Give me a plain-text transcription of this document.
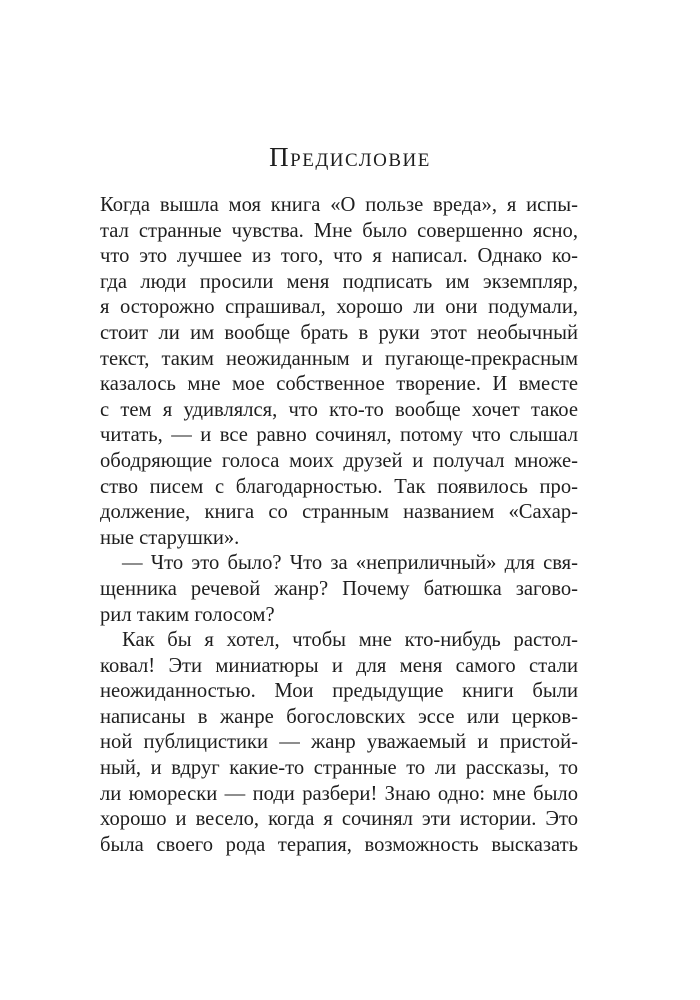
Предисловие
Когда вышла моя книга «О пользе вреда», я испы-
тал странные чувства. Мне было совершенно ясно,
что это лучшее из того, что я написал. Однако ко-
гда люди просили меня подписать им экземпляр,
я осторожно спрашивал, хорошо ли они подумали,
стоит ли им вообще брать в руки этот необычный
текст, таким неожиданным и пугающе-прекрасным
казалось мне мое собственное творение. И вместе
с тем я удивлялся, что кто-то вообще хочет такое
читать, — и все равно сочинял, потому что слышал
ободряющие голоса моих друзей и получал множе-
ство писем с благодарностью. Так появилось про-
должение, книга со странным названием «Сахар-
ные старушки».
— Что это было? Что за «неприличный» для свя-
щенника речевой жанр? Почему батюшка загово-
рил таким голосом?
Как бы я хотел, чтобы мне кто-нибудь растол-
ковал! Эти миниатюры и для меня самого стали
неожиданностью. Мои предыдущие книги были
написаны в жанре богословских эссе или церков-
ной публицистики — жанр уважаемый и пристой-
ный, и вдруг какие-то странные то ли рассказы, то
ли юморески — поди разбери! Знаю одно: мне было
хорошо и весело, когда я сочинял эти истории. Это
была своего рода терапия, возможность высказать
